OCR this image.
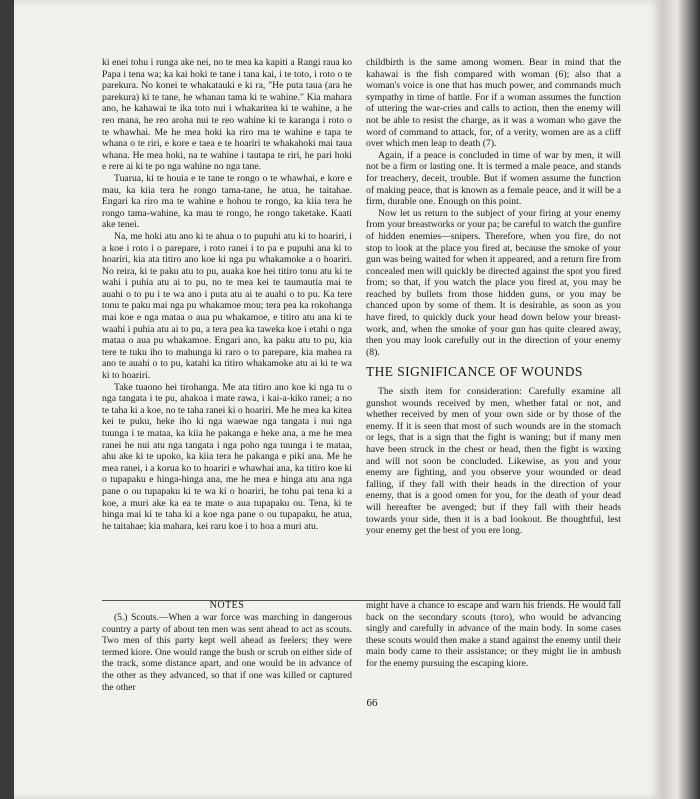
ki enei tohu i runga ake nei, no te mea ka kapiti a Rangi raua ko Papa i tena wa; ka kai hoki te tane i tana kai, i te toto, i roto o te parekura. No konei te whakatauki e ki ra, "He puta taua (ara he parekura) ki te tane, he whanau tama ki te wahine." Kia mahara ano, he kahawai te ika toto nui i whakaritea ki te wahine, a he reo mana, he reo aroha nui te reo wahine ki te karanga i roto o te whawhai. Me he mea hoki ka riro ma te wahine e tapa te whana o te riri, e kore e taea e te hoariri te whakahoki mai taua whana. He mea hoki, na te wahine i tautapa te riri, he pari hoki e rere ai ki te po nga wahine no nga tane.

Tuarua, ki te houia e te tane te rongo o te whawhai, e kore e mau, ka kiia tera he rongo tama-tane, he atua, he taitahae. Engari ka riro ma te wahine e hohou te rongo, ka kiia tera he rongo tama-wahine, ka mau te rongo, he rongo taketake. Kaati ake tenei.

Na, me hoki atu ano ki te ahua o to pupuhi atu ki to hoariri, i a koe i roto i o parepare, i roto ranei i to pa e pupuhi ana ki to hoariri, kia ata titiro ano koe ki nga pu whakamoke a o hoariri. No reira, ki te paku atu to pu, auaka koe hei titiro tonu atu ki te wahi i puhia atu ai to pu, no te mea kei te taumautia mai te auahi o to pu i te wa ano i puta atu ai te auahi o to pu. Ka tere tonu te paku mai nga pu whakamoe mou; tera pea ka rokohanga mai koe e nga mataa o aua pu whakamoe, e titiro atu ana ki te waahi i puhia atu ai to pu, a tera pea ka taweka koe i etahi o nga mataa o aua pu whakamoe. Engari ano, ka paku atu to pu, kia tere te tuku iho to mahunga ki raro o to parepare, kia mahea ra ano te auahi o to pu, katahi ka titiro whakamoke atu ai ki te wa ki to hoariri.

Take tuaono hei tirohanga. Me ata titiro ano koe ki nga tu o nga tangata i te pu, ahakoa i mate rawa, i kai-a-kiko ranei; a no te taha ki a koe, no te taha ranei ki o hoariri. Me he mea ka kitea kei te puku, heke iho ki nga waewae nga tangata i nui nga tuunga i te mataa, ka kiia he pakanga e heke ana, a me he mea ranei he nui atu nga tangata i nga poho nga tuunga i te mataa, ahu ake ki te upoko, ka kiia tera he pakanga e piki ana. Me he mea ranei, i a korua ko to hoariri e whawhai ana, ka titiro koe ki o tupapaku e hinga-hinga ana, me he mea e hinga atu ana nga pane o ou tupapaku ki te wa ki o hoariri, he tohu pai tena ki a koe, a muri ake ka ea te mate o aua tupapaku ou. Tena, ki te hinga mai ki te taha ki a koe nga pane o ou tupapaku, he atua, he taitahae; kia mahara, kei raru koe i to hoa a muri atu.

childbirth is the same among women. Bear in mind that the kahawai is the fish compared with woman (6); also that a woman's voice is one that has much power, and commands much sympathy in time of battle. For if a woman assumes the function of uttering the war-cries and calls to action, then the enemy will not be able to resist the charge, as it was a woman who gave the word of command to attack, for, of a verity, women are as a cliff over which men leap to death (7).

Again, if a peace is concluded in time of war by men, it will not be a firm or lasting one. It is termed a male peace, and stands for treachery, deceit, trouble. But if women assume the function of making peace, that is known as a female peace, and it will be a firm, durable one. Enough on this point.

Now let us return to the subject of your firing at your enemy from your breastworks or your pa; be careful to watch the gunfire of hidden enemies—snipers. Therefore, when you fire, do not stop to look at the place you fired at, because the smoke of your gun was being waited for when it appeared, and a return fire from concealed men will quickly be directed against the spot you fired from; so that, if you watch the place you fired at, you may be reached by bullets from those hidden guns, or you may be chanced upon by some of them. It is desirable, as soon as you have fired, to quickly duck your head down below your breast-work, and, when the smoke of your gun has quite cleared away, then you may look carefully out in the direction of your enemy (8).

THE SIGNIFICANCE OF WOUNDS

The sixth item for consideration: Carefully examine all gunshot wounds received by men, whether fatal or not, and whether received by men of your own side or by those of the enemy. If it is seen that most of such wounds are in the stomach or legs, that is a sign that the fight is waning; but if many men have been struck in the chest or head, then the fight is waxing and will not soon be concluded. Likewise, as you and your enemy are fighting, and you observe your wounded or dead falling, if they fall with their heads in the direction of your enemy, that is a good omen for you, for the death of your dead will hereafter be avenged; but if they fall with their heads towards your side, then it is a bad lookout. Be thoughtful, lest your enemy get the best of you ere long.

NOTES

(5.) Scouts.—When a war force was marching in dangerous country a party of about ten men was sent ahead to act as scouts. Two men of this party kept well ahead as feelers; they were termed kiore. One would range the bush or scrub on either side of the track, some distance apart, and one would be in advance of the other as they advanced, so that if one was killed or captured the other

might have a chance to escape and warn his friends. He would fall back on the secondary scouts (toro), who would be advancing singly and carefully in advance of the main body. In some cases these scouts would then make a stand against the enemy until their main body came to their assistance; or they might lie in ambush for the enemy pursuing the escaping kiore.

66
